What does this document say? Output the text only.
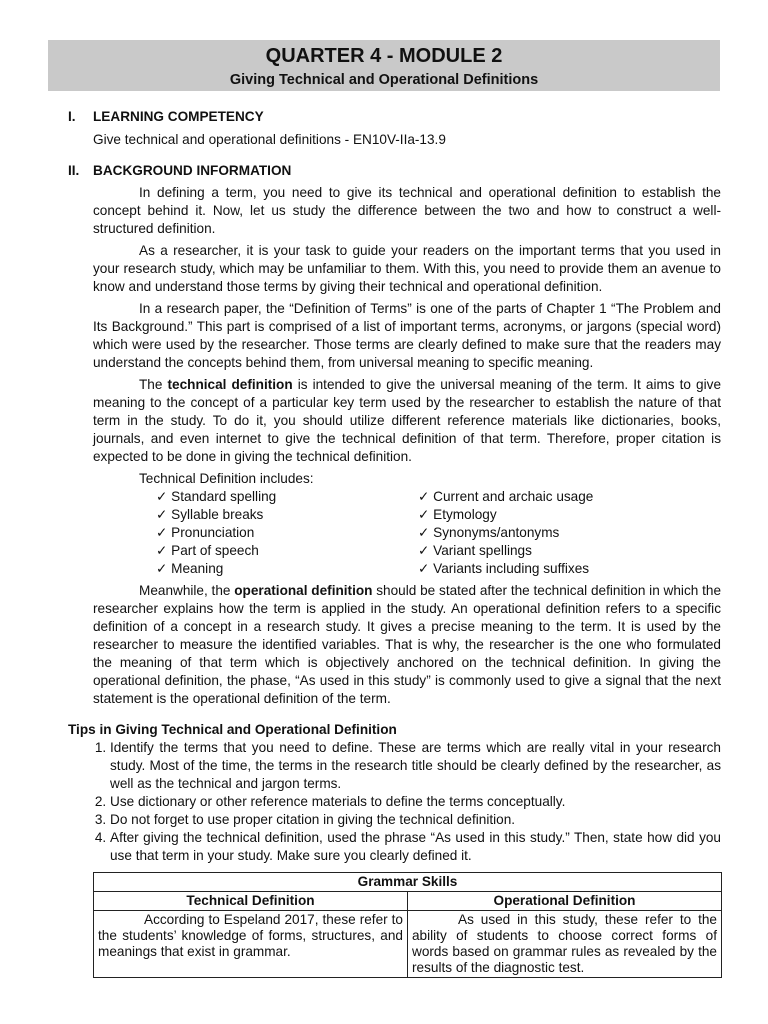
QUARTER 4 - MODULE 2
Giving Technical and Operational Definitions
I.	LEARNING COMPETENCY

Give technical and operational definitions - EN10V-IIa-13.9

II.	BACKGROUND INFORMATION

In defining a term, you need to give its technical and operational definition to establish the concept behind it. Now, let us study the difference between the two and how to construct a well-structured definition.

As a researcher, it is your task to guide your readers on the important terms that you used in your research study, which may be unfamiliar to them. With this, you need to provide them an avenue to know and understand those terms by giving their technical and operational definition.

In a research paper, the “Definition of Terms” is one of the parts of Chapter 1 “The Problem and Its Background.” This part is comprised of a list of important terms, acronyms, or jargons (special word) which were used by the researcher. Those terms are clearly defined to make sure that the readers may understand the concepts behind them, from universal meaning to specific meaning.

The technical definition is intended to give the universal meaning of the term. It aims to give meaning to the concept of a particular key term used by the researcher to establish the nature of that term in the study. To do it, you should utilize different reference materials like dictionaries, books, journals, and even internet to give the technical definition of that term. Therefore, proper citation is expected to be done in giving the technical definition.

Technical Definition includes:

✓ Standard spelling
✓ Syllable breaks
✓ Pronunciation
✓ Part of speech
✓ Meaning
✓ Current and archaic usage
✓ Etymology
✓ Synonyms/antonyms
✓ Variant spellings
✓ Variants including suffixes

Meanwhile, the operational definition should be stated after the technical definition in which the researcher explains how the term is applied in the study. An operational definition refers to a specific definition of a concept in a research study. It gives a precise meaning to the term. It is used by the researcher to measure the identified variables. That is why, the researcher is the one who formulated the meaning of that term which is objectively anchored on the technical definition. In giving the operational definition, the phase, “As used in this study” is commonly used to give a signal that the next statement is the operational definition of the term.

Tips in Giving Technical and Operational Definition
1. Identify the terms that you need to define. These are terms which are really vital in your research study. Most of the time, the terms in the research title should be clearly defined by the researcher, as well as the technical and jargon terms.
2. Use dictionary or other reference materials to define the terms conceptually.
3. Do not forget to use proper citation in giving the technical definition.
4. After giving the technical definition, used the phrase “As used in this study.” Then, state how did you use that term in your study. Make sure you clearly defined it.
Grammar Skills	
Technical Definition	Operational Definition

According to Espeland 2017, these refer to the students’ knowledge of forms, structures, and meanings that exist in grammar.	As used in this study, these refer to the ability of students to choose correct forms of words based on grammar rules as revealed by the results of the diagnostic test.
